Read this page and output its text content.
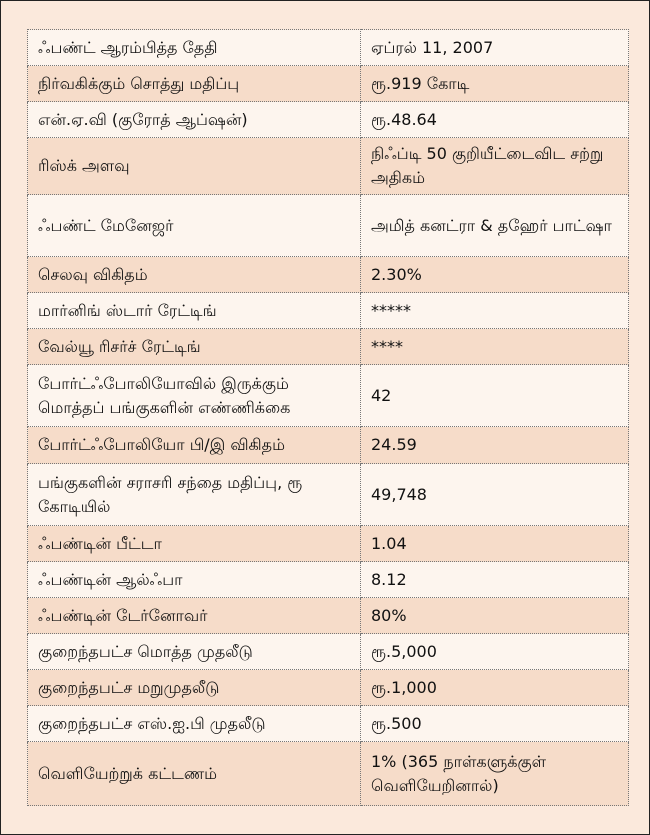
ஃபண்ட் ஆரம்பித்த தேதி	ஏப்ரல் 11, 2007
நிர்வகிக்கும் சொத்து மதிப்பு	ரூ.919 கோடி
என்.ஏ.வி (குரோத் ஆப்ஷன்)	ரூ.48.64
ரிஸ்க் அளவு	நிஃப்டி 50 குறியீட்டைவிட சற்று அதிகம்
ஃபண்ட் மேனேஜர்	அமித் கனட்ரா & தஹேர் பாட்ஷா
செலவு விகிதம்	2.30%
மார்னிங் ஸ்டார் ரேட்டிங்	*****
வேல்யூ ரிசர்ச் ரேட்டிங்	****
போர்ட்ஃபோலியோவில் இருக்கும் மொத்தப் பங்குகளின் எண்ணிக்கை	42
போர்ட்ஃபோலியோ பி/இ விகிதம்	24.59
பங்குகளின் சராசரி சந்தை மதிப்பு, ரூ கோடியில்	49,748
ஃபண்டின் பீட்டா	1.04
ஃபண்டின் ஆல்ஃபா	8.12
ஃபண்டின் டேர்னோவர்	80%
குறைந்தபட்ச மொத்த முதலீடு	ரூ.5,000
குறைந்தபட்ச மறுமுதலீடு	ரூ.1,000
குறைந்தபட்ச எஸ்.ஐ.பி முதலீடு	ரூ.500
வெளியேற்றுக் கட்டணம்	1% (365 நாள்களுக்குள் வெளியேறினால்)
